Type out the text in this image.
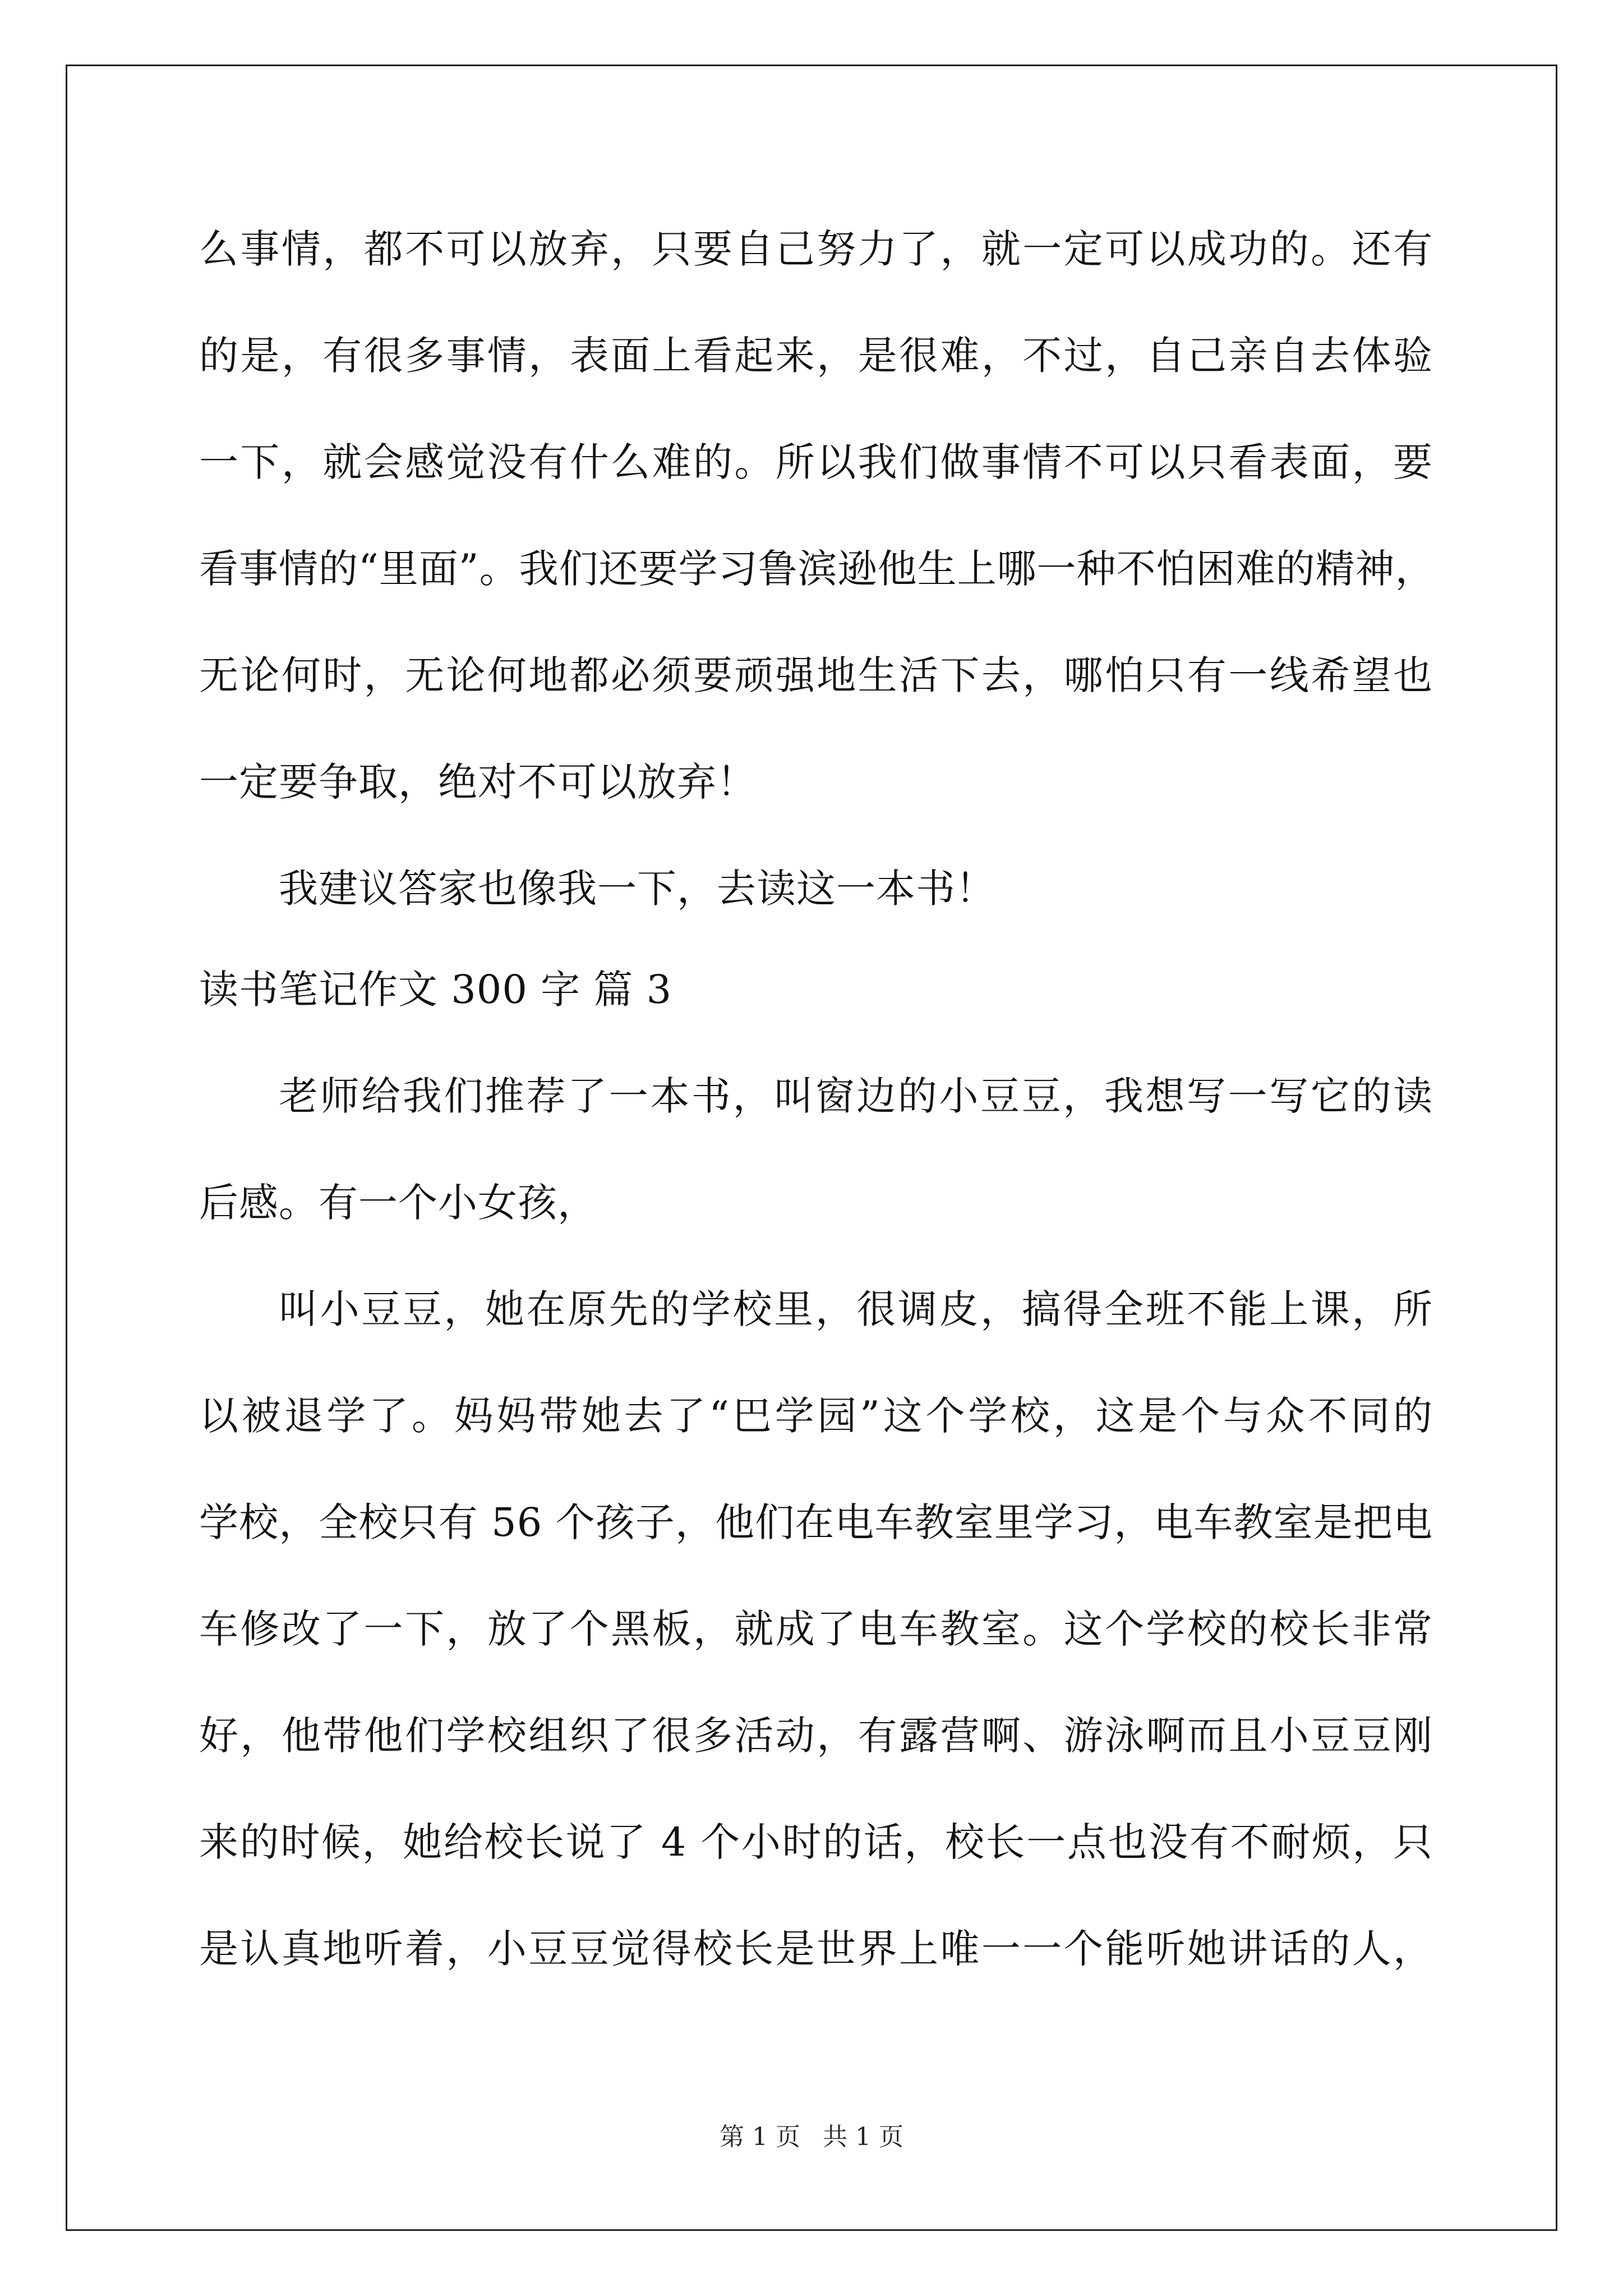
么事情，都不可以放弃，只要自己努力了，就一定可以成功的。还有
的是，有很多事情，表面上看起来，是很难，不过，自己亲自去体验
一下，就会感觉没有什么难的。所以我们做事情不可以只看表面，要
看事情的“里面”。我们还要学习鲁滨逊他生上哪一种不怕困难的精神，
无论何时，无论何地都必须要顽强地生活下去，哪怕只有一线希望也
一定要争取，绝对不可以放弃！
我建议答家也像我一下，去读这一本书！
读书笔记作文 300 字 篇 3
老师给我们推荐了一本书，叫窗边的小豆豆，我想写一写它的读
后感。有一个小女孩，
叫小豆豆，她在原先的学校里，很调皮，搞得全班不能上课，所
以被退学了。妈妈带她去了“巴学园”这个学校，这是个与众不同的
学校，全校只有 56 个孩子，他们在电车教室里学习，电车教室是把电
车修改了一下，放了个黑板，就成了电车教室。这个学校的校长非常
好，他带他们学校组织了很多活动，有露营啊、游泳啊而且小豆豆刚
来的时候，她给校长说了 4 个小时的话，校长一点也没有不耐烦，只
是认真地听着，小豆豆觉得校长是世界上唯一一个能听她讲话的人，
第 1 页 共 1 页
